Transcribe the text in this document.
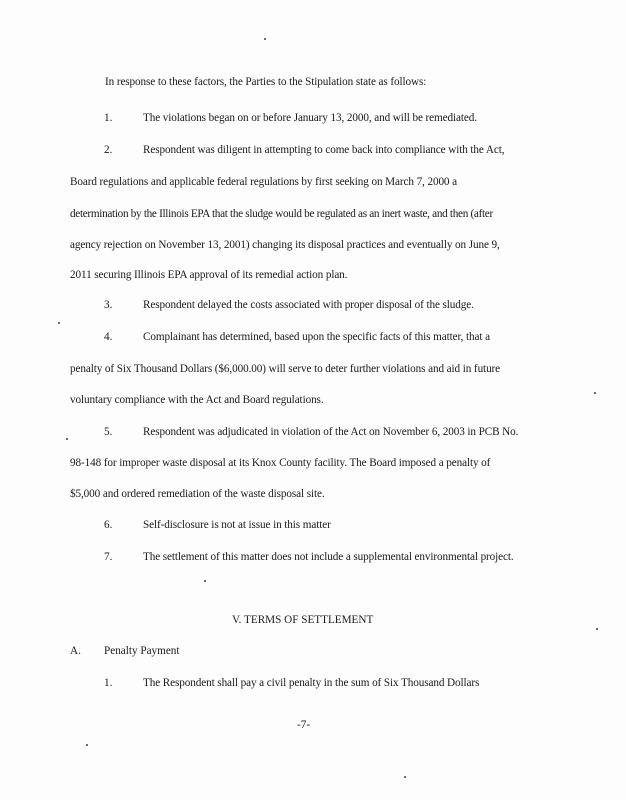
In response to these factors, the Parties to the Stipulation state as follows:
1.	The violations began on or before January 13, 2000, and will be remediated.
2.	Respondent was diligent in attempting to come back into compliance with the Act,
Board regulations and applicable federal regulations by first seeking on March 7, 2000 a
determination by the Illinois EPA that the sludge would be regulated as an inert waste, and then (after
agency rejection on November 13, 2001) changing its disposal practices and eventually on June 9,
2011 securing Illinois EPA approval of its remedial action plan.
3.	Respondent delayed the costs associated with proper disposal of the sludge.
4.	Complainant has determined, based upon the specific facts of this matter, that a
penalty of Six Thousand Dollars ($6,000.00) will serve to deter further violations and aid in future
voluntary compliance with the Act and Board regulations.
5.	Respondent was adjudicated in violation of the Act on November 6, 2003 in PCB No.
98-148 for improper waste disposal at its Knox County facility. The Board imposed a penalty of
$5,000 and ordered remediation of the waste disposal site.
6.	Self-disclosure is not at issue in this matter
7.	The settlement of this matter does not include a supplemental environmental project.
V. TERMS OF SETTLEMENT
A. Penalty Payment
1.	The Respondent shall pay a civil penalty in the sum of Six Thousand Dollars
-7-
